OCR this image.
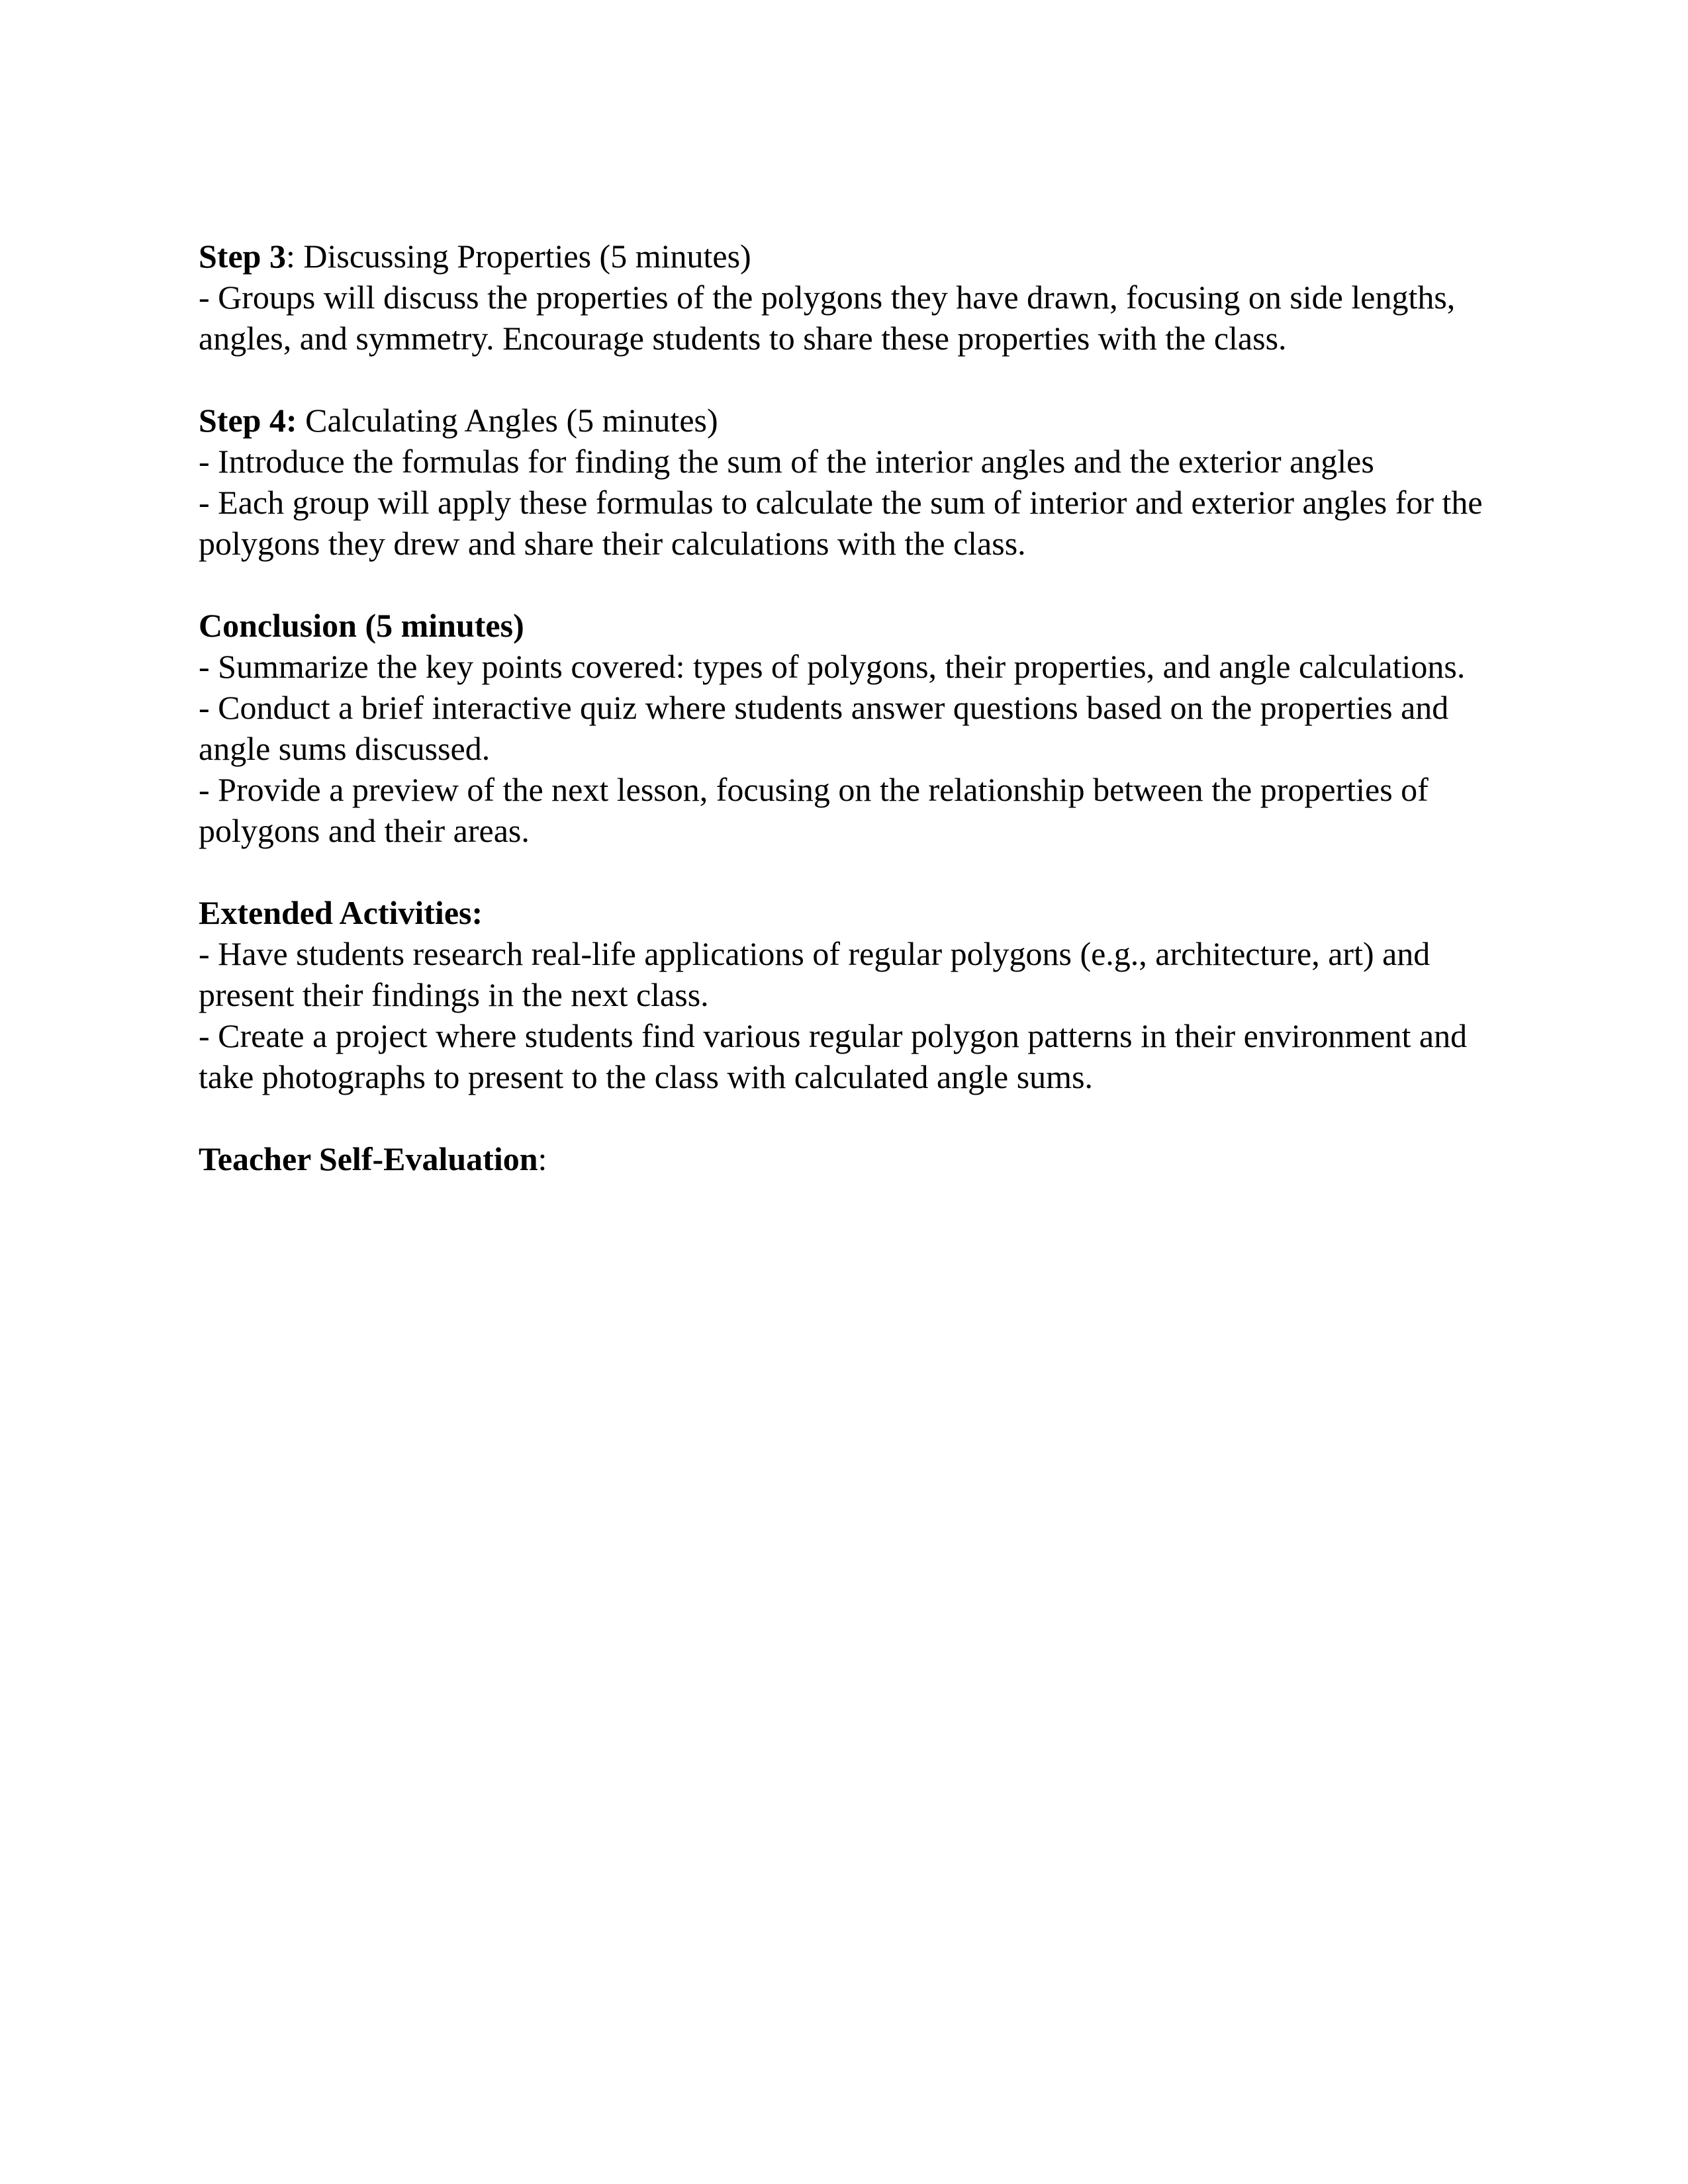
Step 3: Discussing Properties (5 minutes)
- Groups will discuss the properties of the polygons they have drawn, focusing on side lengths,
angles, and symmetry. Encourage students to share these properties with the class.
Step 4: Calculating Angles (5 minutes)
- Introduce the formulas for finding the sum of the interior angles and the exterior angles
- Each group will apply these formulas to calculate the sum of interior and exterior angles for the
polygons they drew and share their calculations with the class.
Conclusion (5 minutes)
- Summarize the key points covered: types of polygons, their properties, and angle calculations.
- Conduct a brief interactive quiz where students answer questions based on the properties and
angle sums discussed.
- Provide a preview of the next lesson, focusing on the relationship between the properties of
polygons and their areas.
Extended Activities:
- Have students research real-life applications of regular polygons (e.g., architecture, art) and
present their findings in the next class.
- Create a project where students find various regular polygon patterns in their environment and
take photographs to present to the class with calculated angle sums.
Teacher Self-Evaluation:
